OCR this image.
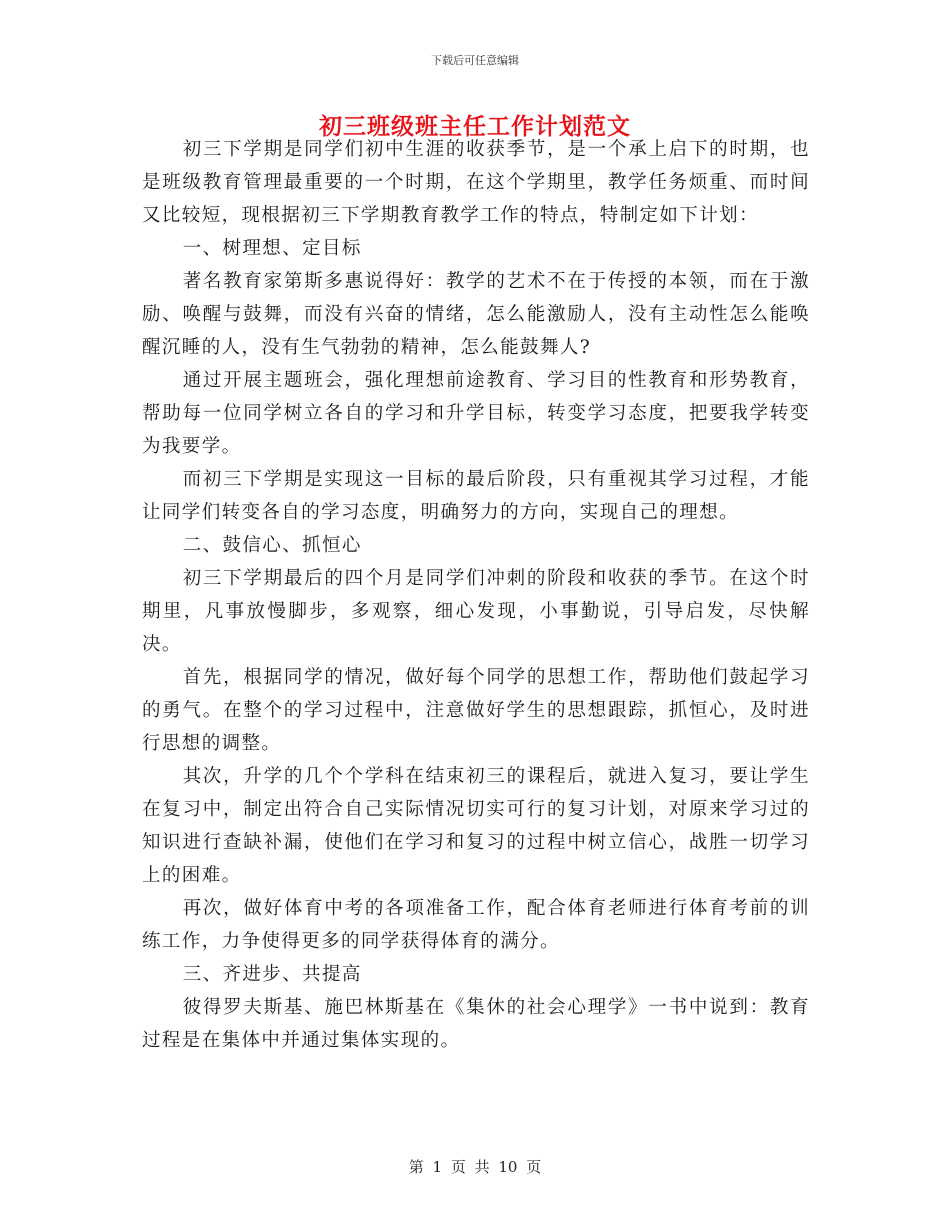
下载后可任意编辑
初三班级班主任工作计划范文

初三下学期是同学们初中生涯的收获季节，是一个承上启下的时期，也是班级教育管理最重要的一个时期，在这个学期里，教学任务烦重、而时间又比较短，现根据初三下学期教育教学工作的特点，特制定如下计划：

一、树理想、定目标

著名教育家第斯多惠说得好：教学的艺术不在于传授的本领，而在于激励、唤醒与鼓舞，而没有兴奋的情绪，怎么能激励人，没有主动性怎么能唤醒沉睡的人，没有生气勃勃的精神，怎么能鼓舞人?

通过开展主题班会，强化理想前途教育、学习目的性教育和形势教育，帮助每一位同学树立各自的学习和升学目标，转变学习态度，把要我学转变为我要学。

而初三下学期是实现这一目标的最后阶段，只有重视其学习过程，才能让同学们转变各自的学习态度，明确努力的方向，实现自己的理想。

二、鼓信心、抓恒心

初三下学期最后的四个月是同学们冲刺的阶段和收获的季节。在这个时期里，凡事放慢脚步，多观察，细心发现，小事勤说，引导启发，尽快解决。

首先，根据同学的情况，做好每个同学的思想工作，帮助他们鼓起学习的勇气。在整个的学习过程中，注意做好学生的思想跟踪，抓恒心，及时进行思想的调整。

其次，升学的几个个学科在结束初三的课程后，就进入复习，要让学生在复习中，制定出符合自己实际情况切实可行的复习计划，对原来学习过的知识进行查缺补漏，使他们在学习和复习的过程中树立信心，战胜一切学习上的困难。

再次，做好体育中考的各项准备工作，配合体育老师进行体育考前的训练工作，力争使得更多的同学获得体育的满分。

三、齐进步、共提高

彼得罗夫斯基、施巴林斯基在《集休的社会心理学》一书中说到：教育过程是在集体中并通过集体实现的。

第 1 页 共 10 页
